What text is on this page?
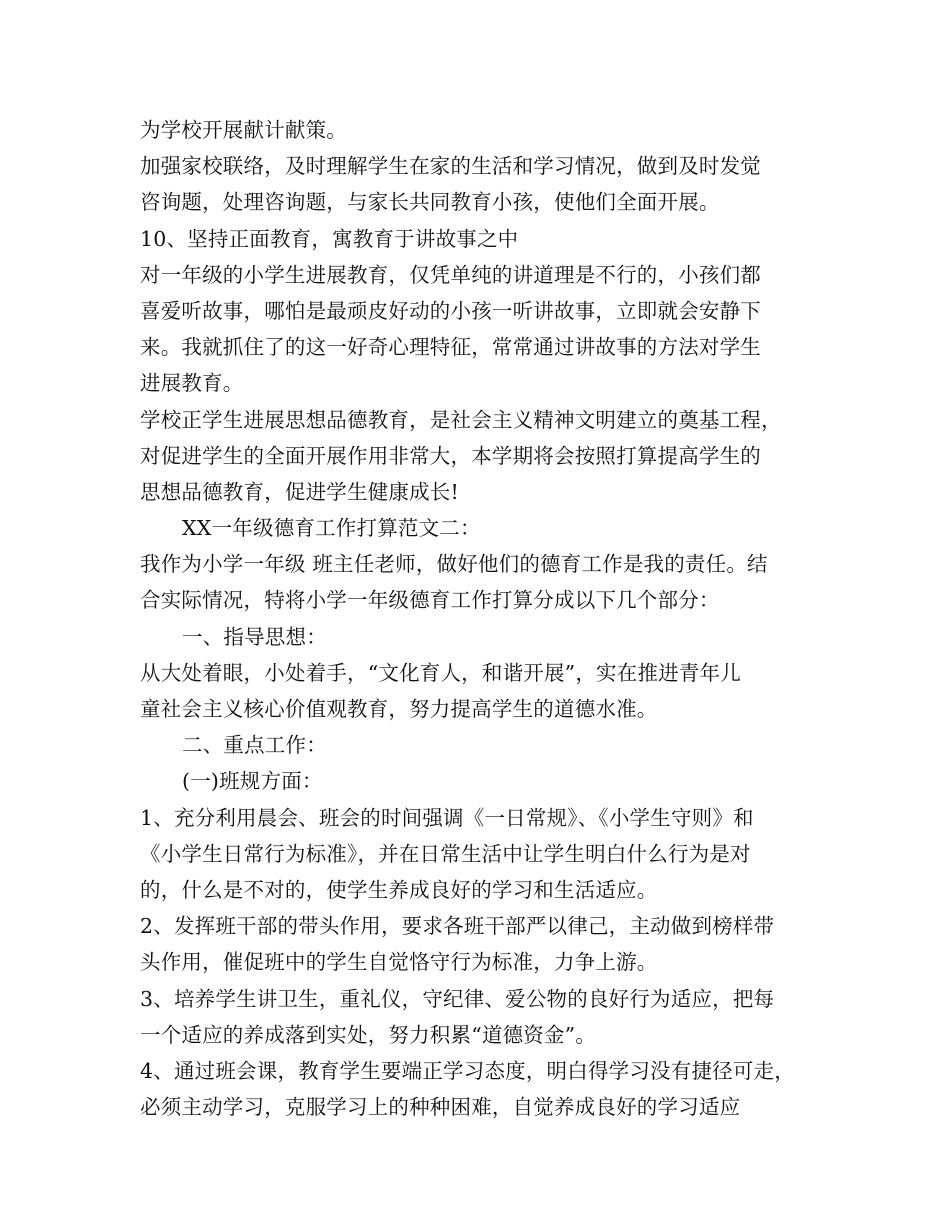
为学校开展献计献策。
加强家校联络，及时理解学生在家的生活和学习情况，做到及时发觉
咨询题，处理咨询题，与家长共同教育小孩，使他们全面开展。
10、坚持正面教育，寓教育于讲故事之中
对一年级的小学生进展教育，仅凭单纯的讲道理是不行的，小孩们都
喜爱听故事，哪怕是最顽皮好动的小孩一听讲故事，立即就会安静下
来。我就抓住了的这一好奇心理特征，常常通过讲故事的方法对学生
进展教育。
学校正学生进展思想品德教育，是社会主义精神文明建立的奠基工程，
对促进学生的全面开展作用非常大，本学期将会按照打算提高学生的
思想品德教育，促进学生健康成长!
XX一年级德育工作打算范文二：
我作为小学一年级 班主任老师，做好他们的德育工作是我的责任。结
合实际情况，特将小学一年级德育工作打算分成以下几个部分：
一、指导思想：
从大处着眼，小处着手，“文化育人，和谐开展”，实在推进青年儿
童社会主义核心价值观教育，努力提高学生的道德水准。
二、重点工作：
(一)班规方面：
1、充分利用晨会、班会的时间强调《一日常规》、《小学生守则》和
《小学生日常行为标准》，并在日常生活中让学生明白什么行为是对
的，什么是不对的，使学生养成良好的学习和生活适应。
2、发挥班干部的带头作用，要求各班干部严以律己，主动做到榜样带
头作用，催促班中的学生自觉恪守行为标准，力争上游。
3、培养学生讲卫生，重礼仪，守纪律、爱公物的良好行为适应，把每
一个适应的养成落到实处，努力积累“道德资金”。
4、通过班会课，教育学生要端正学习态度，明白得学习没有捷径可走，
必须主动学习，克服学习上的种种困难，自觉养成良好的学习适应
